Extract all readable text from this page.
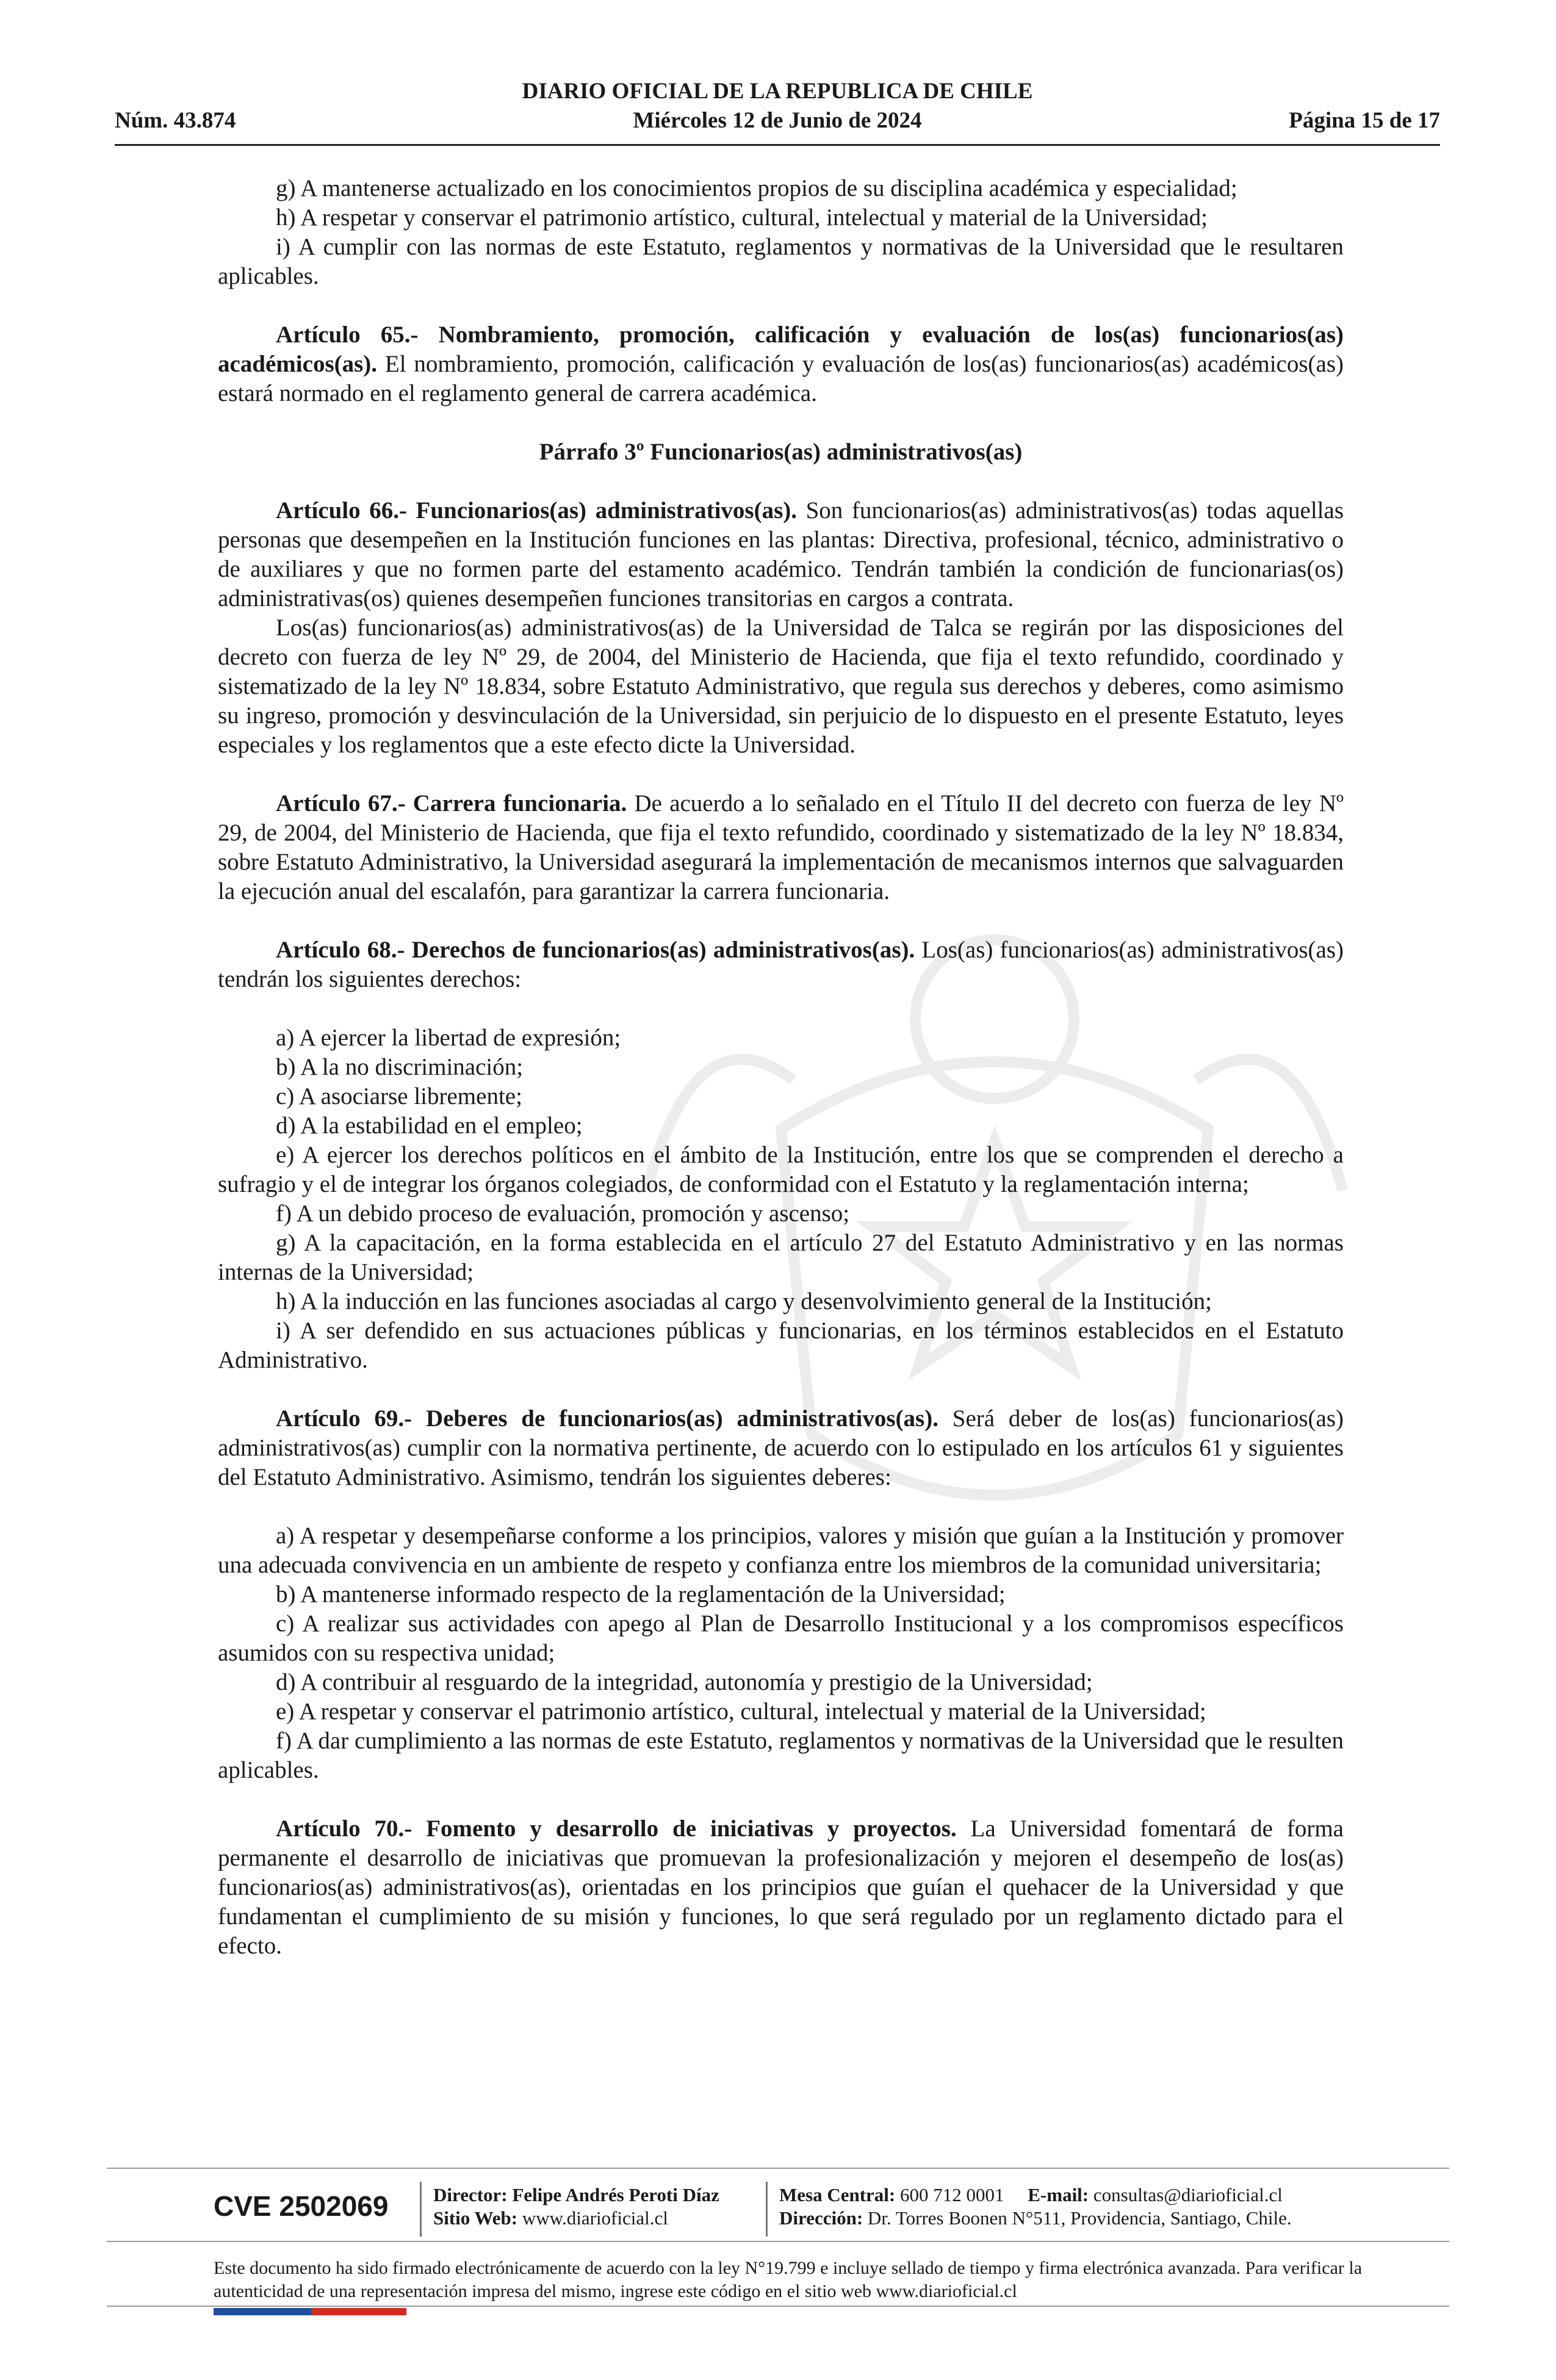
Núm. 43.874
DIARIO OFICIAL DE LA REPUBLICA DE CHILE
Miércoles 12 de Junio de 2024	Página 15 de 17

g) A mantenerse actualizado en los conocimientos propios de su disciplina académica y especialidad;

h) A respetar y conservar el patrimonio artístico, cultural, intelectual y material de la Universidad;

i) A cumplir con las normas de este Estatuto, reglamentos y normativas de la Universidad que le resultaren aplicables.

Artículo 65.- Nombramiento, promoción, calificación y evaluación de los(as) funcionarios(as) académicos(as). El nombramiento, promoción, calificación y evaluación de los(as) funcionarios(as) académicos(as) estará normado en el reglamento general de carrera académica.

Párrafo 3º Funcionarios(as) administrativos(as)

Artículo 66.- Funcionarios(as) administrativos(as). Son funcionarios(as) administrativos(as) todas aquellas personas que desempeñen en la Institución funciones en las plantas: Directiva, profesional, técnico, administrativo o de auxiliares y que no formen parte del estamento académico. Tendrán también la condición de funcionarias(os) administrativas(os) quienes desempeñen funciones transitorias en cargos a contrata.

Los(as) funcionarios(as) administrativos(as) de la Universidad de Talca se regirán por las disposiciones del decreto con fuerza de ley Nº 29, de 2004, del Ministerio de Hacienda, que fija el texto refundido, coordinado y sistematizado de la ley Nº 18.834, sobre Estatuto Administrativo, que regula sus derechos y deberes, como asimismo su ingreso, promoción y desvinculación de la Universidad, sin perjuicio de lo dispuesto en el presente Estatuto, leyes especiales y los reglamentos que a este efecto dicte la Universidad.

Artículo 67.- Carrera funcionaria. De acuerdo a lo señalado en el Título II del decreto con fuerza de ley Nº 29, de 2004, del Ministerio de Hacienda, que fija el texto refundido, coordinado y sistematizado de la ley Nº 18.834, sobre Estatuto Administrativo, la Universidad asegurará la implementación de mecanismos internos que salvaguarden la ejecución anual del escalafón, para garantizar la carrera funcionaria.

Artículo 68.- Derechos de funcionarios(as) administrativos(as). Los(as) funcionarios(as) administrativos(as) tendrán los siguientes derechos:

a) A ejercer la libertad de expresión;

b) A la no discriminación;

c) A asociarse libremente;

d) A la estabilidad en el empleo;

e) A ejercer los derechos políticos en el ámbito de la Institución, entre los que se comprenden el derecho a sufragio y el de integrar los órganos colegiados, de conformidad con el Estatuto y la reglamentación interna;

f) A un debido proceso de evaluación, promoción y ascenso;

g) A la capacitación, en la forma establecida en el artículo 27 del Estatuto Administrativo y en las normas internas de la Universidad;

h) A la inducción en las funciones asociadas al cargo y desenvolvimiento general de la Institución;

i) A ser defendido en sus actuaciones públicas y funcionarias, en los términos establecidos en el Estatuto Administrativo.

Artículo 69.- Deberes de funcionarios(as) administrativos(as). Será deber de los(as) funcionarios(as) administrativos(as) cumplir con la normativa pertinente, de acuerdo con lo estipulado en los artículos 61 y siguientes del Estatuto Administrativo. Asimismo, tendrán los siguientes deberes:

a) A respetar y desempeñarse conforme a los principios, valores y misión que guían a la Institución y promover una adecuada convivencia en un ambiente de respeto y confianza entre los miembros de la comunidad universitaria;

b) A mantenerse informado respecto de la reglamentación de la Universidad;

c) A realizar sus actividades con apego al Plan de Desarrollo Institucional y a los compromisos específicos asumidos con su respectiva unidad;

d) A contribuir al resguardo de la integridad, autonomía y prestigio de la Universidad;

e) A respetar y conservar el patrimonio artístico, cultural, intelectual y material de la Universidad;

f) A dar cumplimiento a las normas de este Estatuto, reglamentos y normativas de la Universidad que le resulten aplicables.

Artículo 70.- Fomento y desarrollo de iniciativas y proyectos. La Universidad fomentará de forma permanente el desarrollo de iniciativas que promuevan la profesionalización y mejoren el desempeño de los(as) funcionarios(as) administrativos(as), orientadas en los principios que guían el quehacer de la Universidad y que fundamentan el cumplimiento de su misión y funciones, lo que será regulado por un reglamento dictado para el efecto.

CVE 2502069 Director: Felipe Andrés Peroti Díaz
Sitio Web: www.diarioficial.cl
Mesa Central: 600 712 0001 E-mail: consultas@diarioficial.cl
Dirección: Dr. Torres Boonen N°511, Providencia, Santiago, Chile.
Este documento ha sido firmado electrónicamente de acuerdo con la ley N°19.799 e incluye sellado de tiempo y firma electrónica avanzada. Para verificar la autenticidad de una representación impresa del mismo, ingrese este código en el sitio web www.diarioficial.cl
